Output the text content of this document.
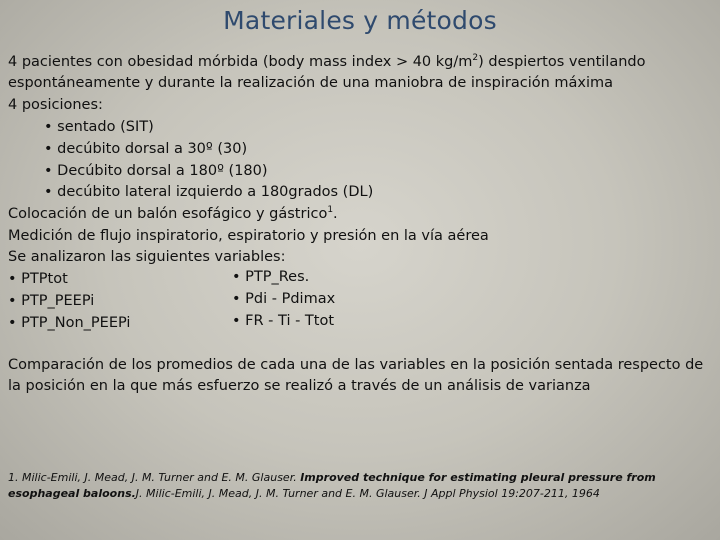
Materiales y métodos
4 pacientes con obesidad mórbida (body mass index > 40 $kg/m^2$) despiertos ventilando
espontáneamente y durante la realización de una maniobra de inspiración máxima
4 posiciones:
• sentado (SIT)
• decúbito dorsal a 30º (30)
• Decúbito dorsal a 180º (180)
• decúbito lateral izquierdo a 180grados (DL)
Colocación de un balón esofágico y gástrico$^1$.
Medición de flujo inspiratorio, espiratorio y presión en la vía aérea
Se analizaron las siguientes variables:
• PTPtot
• PTP_PEEPi
• PTP_Non_PEEPi
• PTP_Res.
• Pdi - Pdimax
• FR - Ti - Ttot
Comparación de los promedios de cada una de las variables en la posición sentada respecto de la posición en la que más esfuerzo se realizó a través de un análisis de varianza
1. Milic-Emili, J. Mead, J. M. Turner and E. M. Glauser. Improved technique for estimating pleural pressure from esophageal baloons.J. Milic-Emili, J. Mead, J. M. Turner and E. M. Glauser. J Appl Physiol 19:207-211, 1964
